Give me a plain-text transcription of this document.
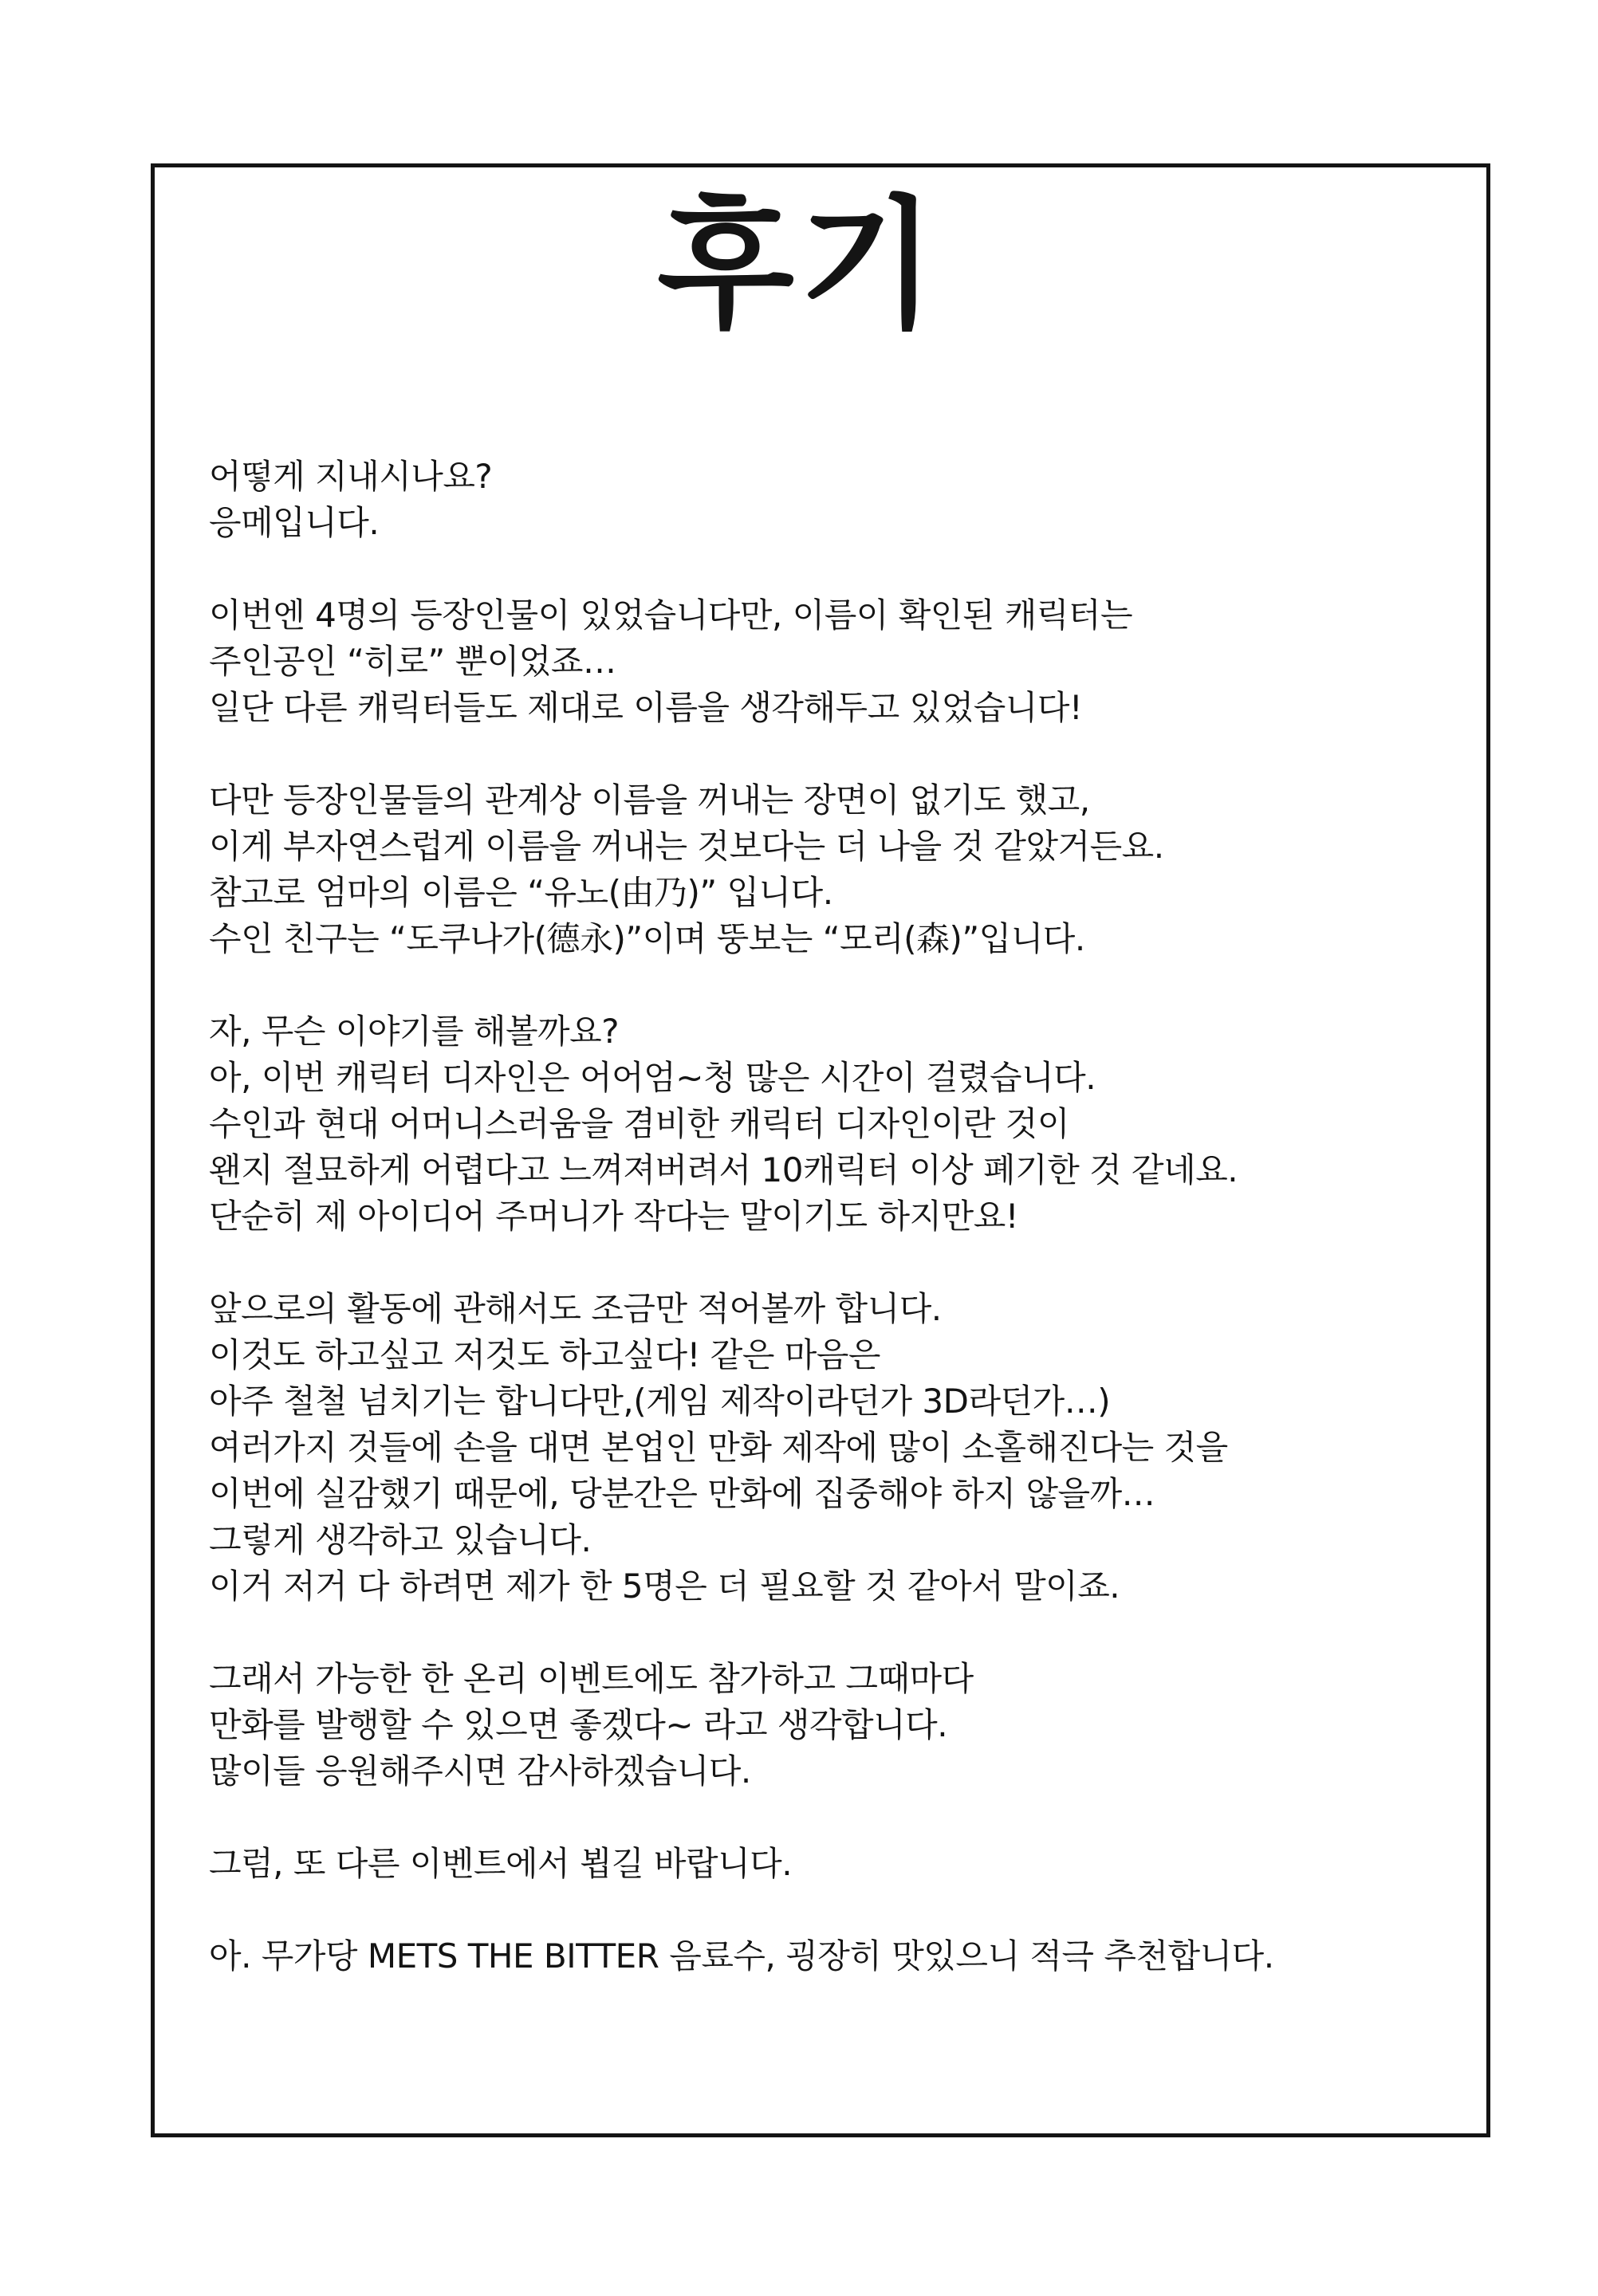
후기

어떻게 지내시나요?
응메입니다.

이번엔 4명의 등장인물이 있었습니다만, 이름이 확인된 캐릭터는
주인공인 “히로” 뿐이었죠…
일단 다른 캐릭터들도 제대로 이름을 생각해두고 있었습니다!

다만 등장인물들의 관계상 이름을 꺼내는 장면이 없기도 했고,
이게 부자연스럽게 이름을 꺼내는 것보다는 더 나을 것 같았거든요.
참고로 엄마의 이름은 “유노(由乃)” 입니다.
수인 친구는 “도쿠나가(德永)”이며 뚱보는 “모리(森)”입니다.

자, 무슨 이야기를 해볼까요?
아, 이번 캐릭터 디자인은 어어엄~청 많은 시간이 걸렸습니다.
수인과 현대 어머니스러움을 겸비한 캐릭터 디자인이란 것이
왠지 절묘하게 어렵다고 느껴져버려서 10캐릭터 이상 폐기한 것 같네요.
단순히 제 아이디어 주머니가 작다는 말이기도 하지만요!

앞으로의 활동에 관해서도 조금만 적어볼까 합니다.
이것도 하고싶고 저것도 하고싶다! 같은 마음은
아주 철철 넘치기는 합니다만,(게임 제작이라던가 3D라던가…)
여러가지 것들에 손을 대면 본업인 만화 제작에 많이 소홀해진다는 것을
이번에 실감했기 때문에, 당분간은 만화에 집중해야 하지 않을까…
그렇게 생각하고 있습니다.
이거 저거 다 하려면 제가 한 5명은 더 필요할 것 같아서 말이죠.

그래서 가능한 한 온리 이벤트에도 참가하고 그때마다
만화를 발행할 수 있으면 좋겠다~ 라고 생각합니다.
많이들 응원해주시면 감사하겠습니다.

그럼, 또 다른 이벤트에서 뵙길 바랍니다.

아. 무가당 METS THE BITTER 음료수, 굉장히 맛있으니 적극 추천합니다.
